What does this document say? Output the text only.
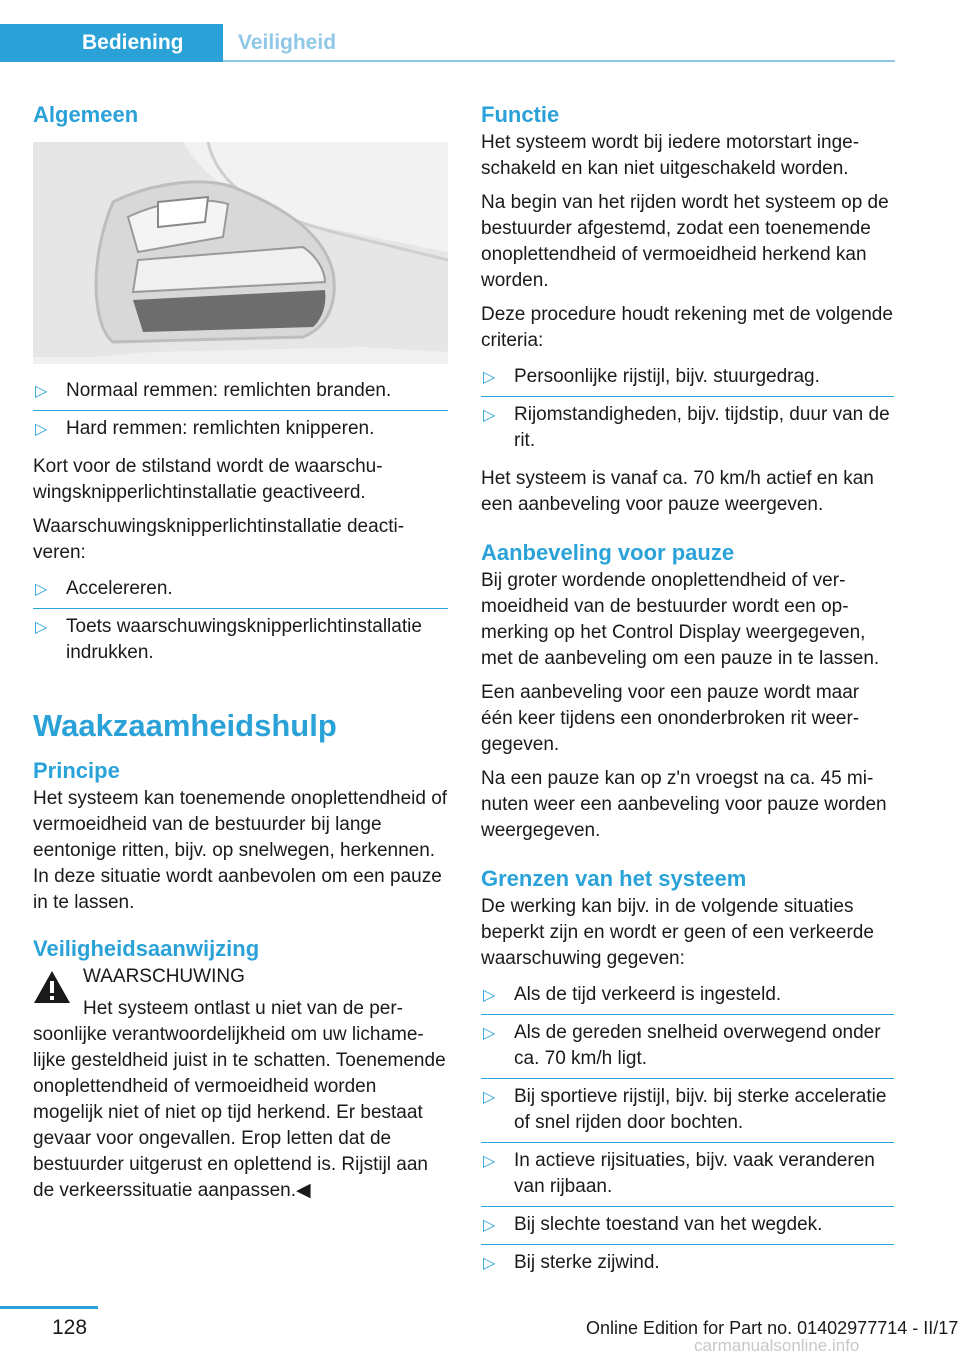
Bediening	Veiligheid
Algemeen
▷ Normaal remmen: remlichten branden.
▷ Hard remmen: remlichten knipperen.

Kort voor de stilstand wordt de waarschuwingsknipperlichtinstallatie geactiveerd.

Waarschuwingsknipperlichtinstallatie deactiveren:

▷ Accelereren.
▷ Toets waarschuwingsknipperlichtinstallatie indrukken.
Waakzaamheidshulp
Principe

Het systeem kan toenemende onoplettendheid of vermoeidheid van de bestuurder bij lange eentonige ritten, bijv. op snelwegen, herkennen. In deze situatie wordt aanbevolen om een pauze in te lassen.

Veiligheidsaanwijzing
WAARSCHUWING

Het systeem ontlast u niet van de persoonlijke verantwoordelijkheid om uw lichamelijke gesteldheid juist in te schatten. Toenemende onoplettendheid of vermoeidheid worden mogelijk niet of niet op tijd herkend. Er bestaat gevaar voor ongevallen. Erop letten dat de bestuurder uitgerust en oplettend is. Rijstijl aan de verkeerssituatie aanpassen.◀

Functie

Het systeem wordt bij iedere motorstart ingeschakeld en kan niet uitgeschakeld worden.

Na begin van het rijden wordt het systeem op de bestuurder afgestemd, zodat een toenemende onoplettendheid of vermoeidheid herkend kan worden.

Deze procedure houdt rekening met de volgende criteria:

▷ Persoonlijke rijstijl, bijv. stuurgedrag.
▷ Rijomstandigheden, bijv. tijdstip, duur van de rit.

Het systeem is vanaf ca. 70 km/h actief en kan een aanbeveling voor pauze weergeven.

Aanbeveling voor pauze

Bij groter wordende onoplettendheid of vermoeidheid van de bestuurder wordt een opmerking op het Control Display weergegeven, met de aanbeveling om een pauze in te lassen.

Een aanbeveling voor een pauze wordt maar één keer tijdens een ononderbroken rit weergegeven.

Na een pauze kan op z'n vroegst na ca. 45 minuten weer een aanbeveling voor pauze worden weergegeven.

Grenzen van het systeem

De werking kan bijv. in de volgende situaties beperkt zijn en wordt er geen of een verkeerde waarschuwing gegeven:

▷ Als de tijd verkeerd is ingesteld.
▷ Als de gereden snelheid overwegend onder ca. 70 km/h ligt.
▷ Bij sportieve rijstijl, bijv. bij sterke acceleratie of snel rijden door bochten.
▷ In actieve rijsituaties, bijv. vaak veranderen van rijbaan.
▷ Bij slechte toestand van het wegdek.
▷ Bij sterke zijwind.
128	Online Edition for Part no. 01402977714 - II/17
carmanualsonline.info
